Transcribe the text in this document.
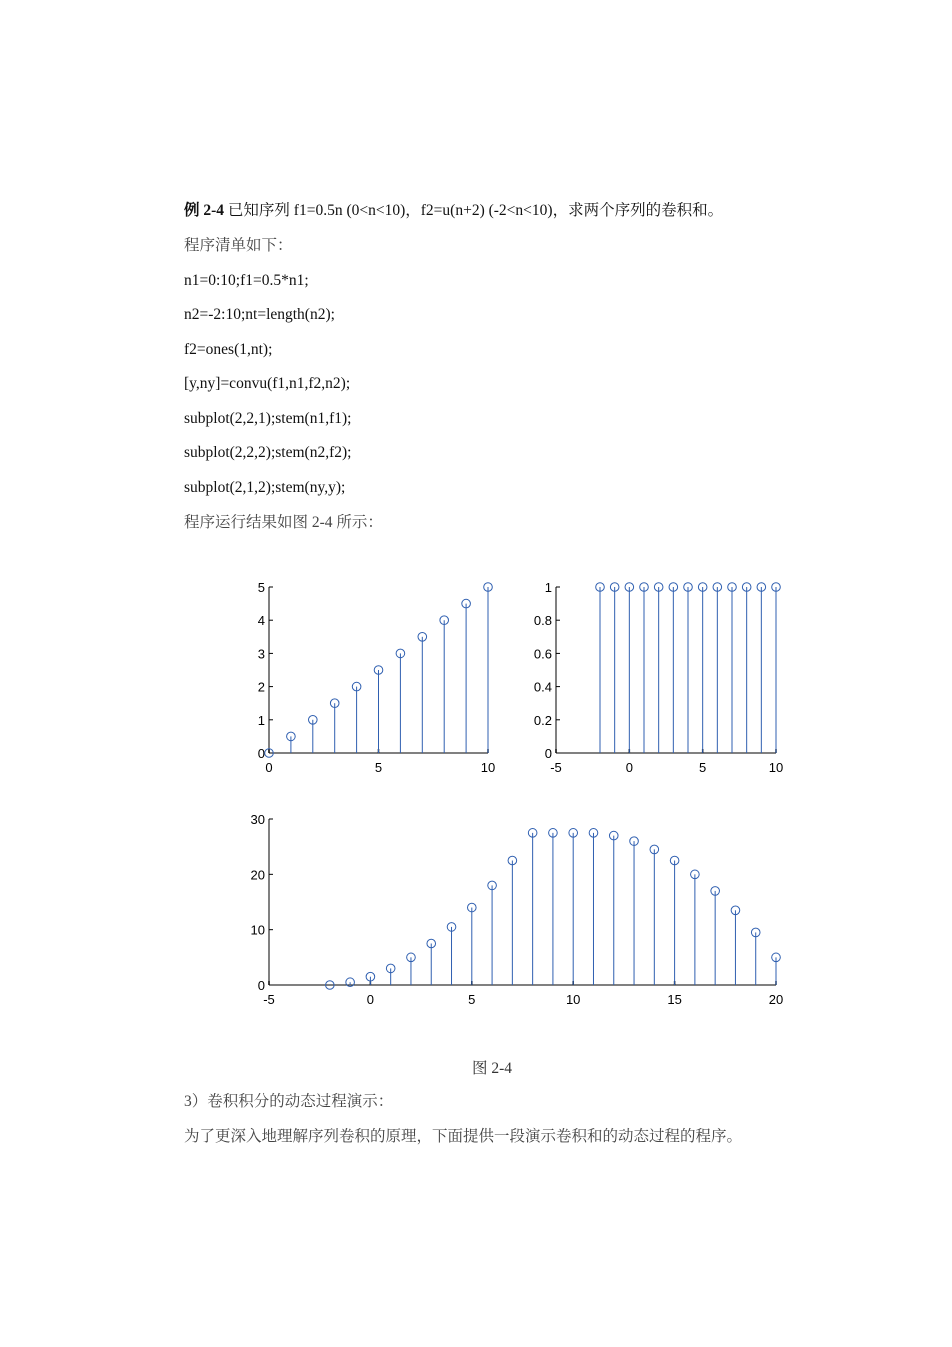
例 2-4 已知序列 f1=0.5n (0<n<10)，f2=u(n+2) (-2<n<10)，求两个序列的卷积和。
程序清单如下：
n1=0:10;f1=0.5*n1;
n2=-2:10;nt=length(n2);
f2=ones(1,nt);
[y,ny]=convu(f1,n1,f2,n2);
subplot(2,2,1);stem(n1,f1);
subplot(2,2,2);stem(n2,f2);
subplot(2,1,2);stem(ny,y);
程序运行结果如图 2-4 所示：
0
1
2
3
4
5
0	5	10
0
0.2
0.4
0.6
0.8
1
-5	0	5	10
0
10
20
30
-5	0	5	10	15	20
图 2-4
3）卷积积分的动态过程演示：
为了更深入地理解序列卷积的原理，下面提供一段演示卷积和的动态过程的程序。
